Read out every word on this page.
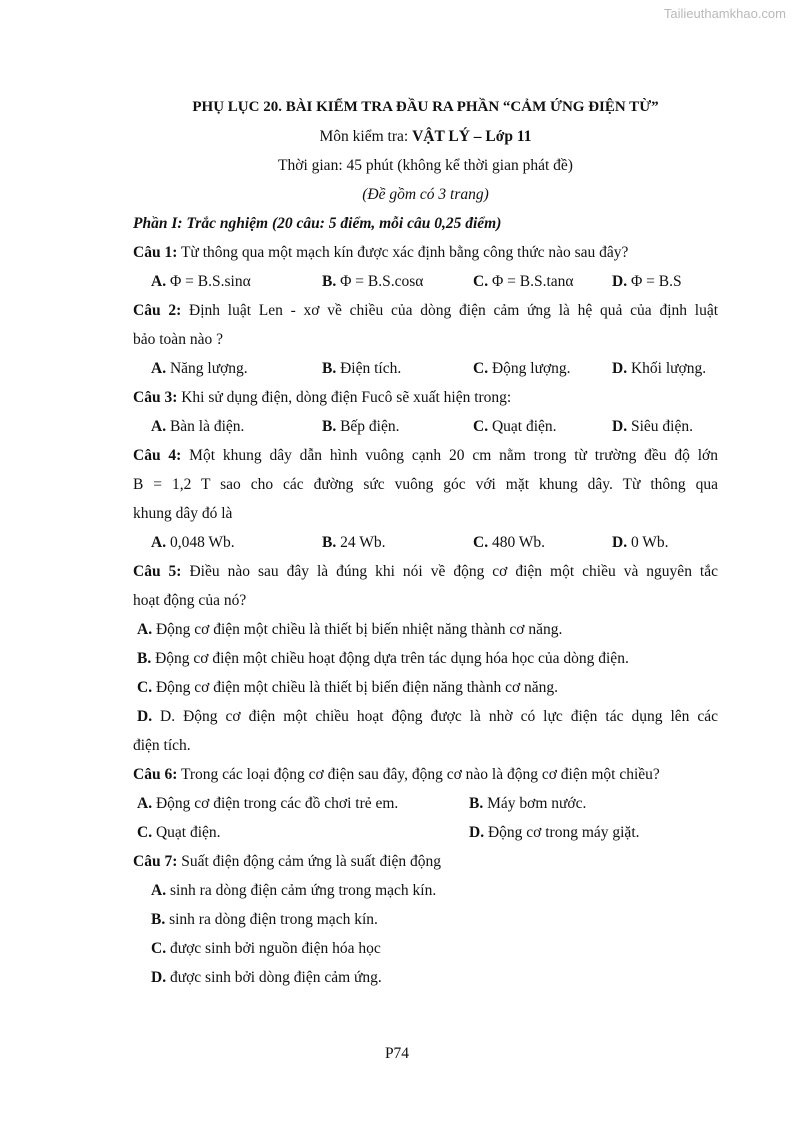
Tailieuthamkhao.com
PHỤ LỤC 20. BÀI KIỂM TRA ĐẦU RA PHẦN “CẢM ỨNG ĐIỆN TỪ”
Môn kiểm tra: VẬT LÝ – Lớp 11
Thời gian: 45 phút (không kể thời gian phát đề)
(Đề gồm có 3 trang)
Phần I: Trắc nghiệm (20 câu: 5 điểm, mỗi câu 0,25 điểm)
Câu 1: Từ thông qua một mạch kín được xác định bằng công thức nào sau đây?
A. Φ = B.S.sinα	B. Φ = B.S.cosα	C. Φ = B.S.tanα D. Φ = B.S
Câu 2: Định luật Len - xơ về chiều của dòng điện cảm ứng là hệ quả của định luật
bảo toàn nào ?
A. Năng lượng.	B. Điện tích.	C. Động lượng.	D. Khối lượng.
Câu 3: Khi sử dụng điện, dòng điện Fucô sẽ xuất hiện trong:
A. Bàn là điện.	B. Bếp điện.	C. Quạt điện.	D. Siêu điện.
Câu 4: Một khung dây dẫn hình vuông cạnh 20 cm nằm trong từ trường đều độ lớn
B = 1,2 T sao cho các đường sức vuông góc với mặt khung dây. Từ thông qua
khung dây đó là
A. 0,048 Wb.	B. 24 Wb.	C. 480 Wb.	D. 0 Wb.
Câu 5: Điều nào sau đây là đúng khi nói về động cơ điện một chiều và nguyên tắc
hoạt động của nó?
A. Động cơ điện một chiều là thiết bị biến nhiệt năng thành cơ năng.
B. Động cơ điện một chiều hoạt động dựa trên tác dụng hóa học của dòng điện.
C. Động cơ điện một chiều là thiết bị biến điện năng thành cơ năng.
D. D. Động cơ điện một chiều hoạt động được là nhờ có lực điện tác dụng lên các
điện tích.
Câu 6: Trong các loại động cơ điện sau đây, động cơ nào là động cơ điện một chiều?
A. Động cơ điện trong các đồ chơi trẻ em.	B. Máy bơm nước.
C. Quạt điện.	D. Động cơ trong máy giặt.
Câu 7: Suất điện động cảm ứng là suất điện động
A. sinh ra dòng điện cảm ứng trong mạch kín.
B. sinh ra dòng điện trong mạch kín.
C. được sinh bởi nguồn điện hóa học
D. được sinh bởi dòng điện cảm ứng.
P74
